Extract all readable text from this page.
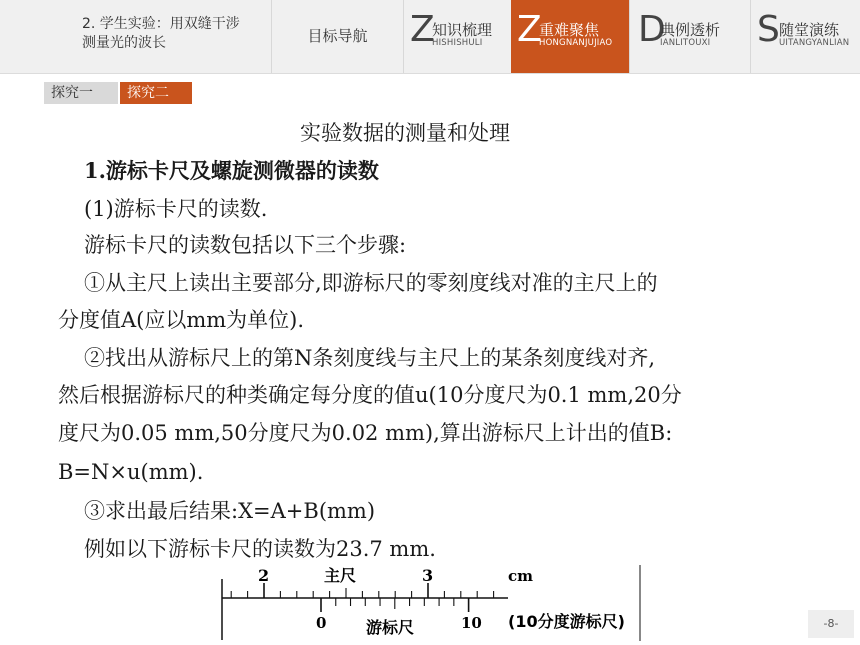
2. 学生实验：用双缝干涉
测量光的波长	目标导航	Z
知识梳理
HISHISHULI Z
重难聚焦
HONGNANJUJIAO D
典例透析
IANLITOUXI S 随堂演练
UITANGYANLIAN
探究一	探究二
实验数据的测量和处理
1.游标卡尺及螺旋测微器的读数
(1)游标卡尺的读数.
游标卡尺的读数包括以下三个步骤:
①从主尺上读出主要部分,即游标尺的零刻度线对准的主尺上的
分度值A(应以mm为单位).
②找出从游标尺上的第N条刻度线与主尺上的某条刻度线对齐,
然后根据游标尺的种类确定每分度的值u(10分度尺为0.1 mm,20分
度尺为0.05 mm,50分度尺为0.02 mm),算出游标尺上计出的值B:
B=N×u(mm).
③求出最后结果:X=A+B(mm)
例如以下游标卡尺的读数为23.7 mm.
2	主尺	3	cm
0 游标尺	10 (10分度游标尺)	-8-
